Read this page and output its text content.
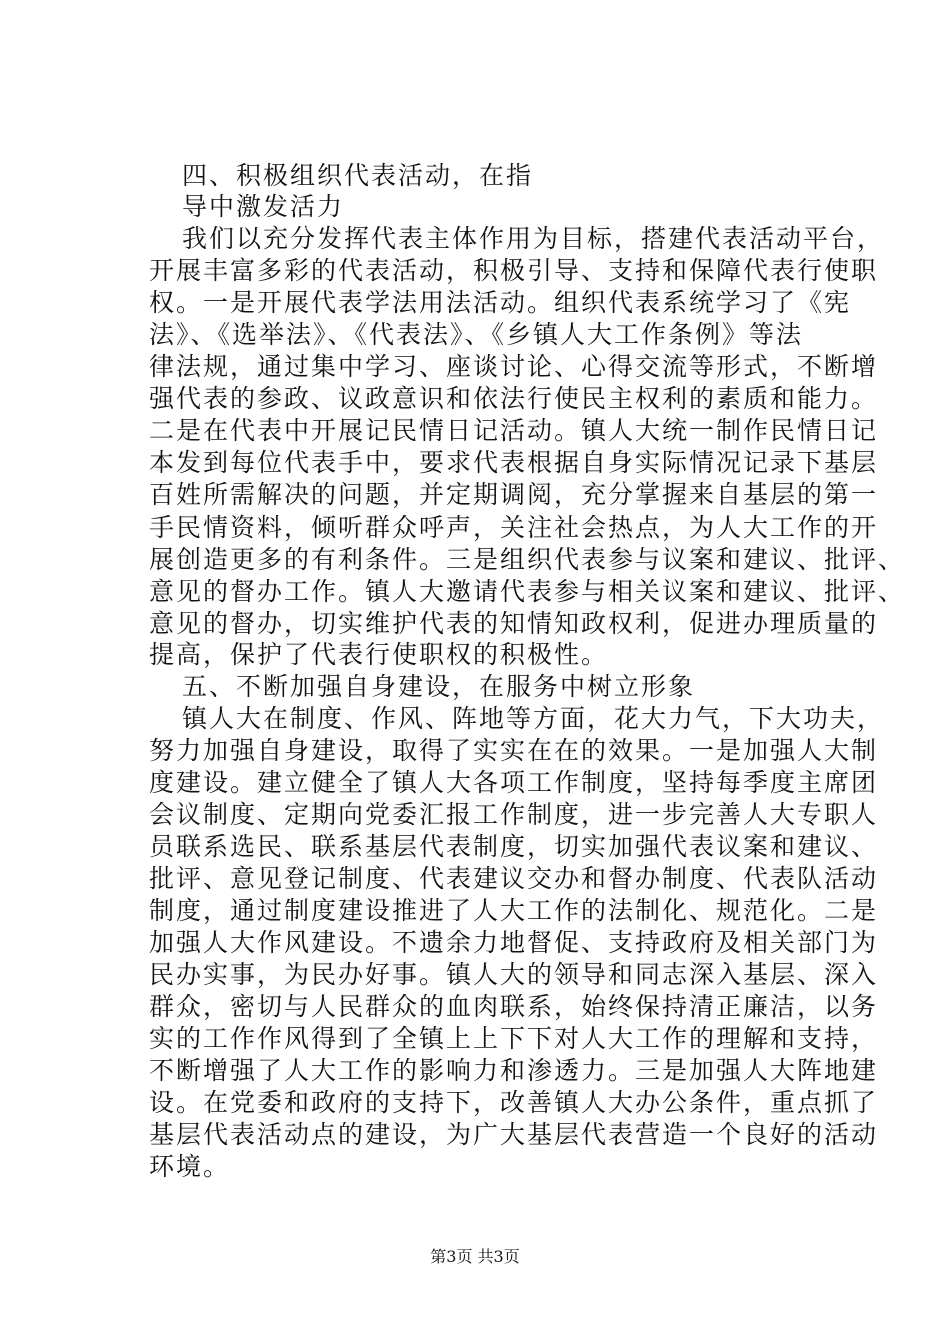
四、积极组织代表活动，在指
导中激发活力
我们以充分发挥代表主体作用为目标，搭建代表活动平台，
开展丰富多彩的代表活动，积极引导、支持和保障代表行使职
权。一是开展代表学法用法活动。组织代表系统学习了《宪
法》、《选举法》、《代表法》、《乡镇人大工作条例》等法
律法规，通过集中学习、座谈讨论、心得交流等形式，不断增
强代表的参政、议政意识和依法行使民主权利的素质和能力。
二是在代表中开展记民情日记活动。镇人大统一制作民情日记
本发到每位代表手中，要求代表根据自身实际情况记录下基层
百姓所需解决的问题，并定期调阅，充分掌握来自基层的第一
手民情资料，倾听群众呼声，关注社会热点，为人大工作的开
展创造更多的有利条件。三是组织代表参与议案和建议、批评、
意见的督办工作。镇人大邀请代表参与相关议案和建议、批评、
意见的督办，切实维护代表的知情知政权利，促进办理质量的
提高，保护了代表行使职权的积极性。
五、不断加强自身建设，在服务中树立形象
镇人大在制度、作风、阵地等方面，花大力气，下大功夫，
努力加强自身建设，取得了实实在在的效果。一是加强人大制
度建设。建立健全了镇人大各项工作制度，坚持每季度主席团
会议制度、定期向党委汇报工作制度，进一步完善人大专职人
员联系选民、联系基层代表制度，切实加强代表议案和建议、
批评、意见登记制度、代表建议交办和督办制度、代表队活动
制度，通过制度建设推进了人大工作的法制化、规范化。二是
加强人大作风建设。不遗余力地督促、支持政府及相关部门为
民办实事，为民办好事。镇人大的领导和同志深入基层、深入
群众，密切与人民群众的血肉联系，始终保持清正廉洁，以务
实的工作作风得到了全镇上上下下对人大工作的理解和支持，
不断增强了人大工作的影响力和渗透力。三是加强人大阵地建
设。在党委和政府的支持下，改善镇人大办公条件，重点抓了
基层代表活动点的建设，为广大基层代表营造一个良好的活动
环境。
第3页 共3页
